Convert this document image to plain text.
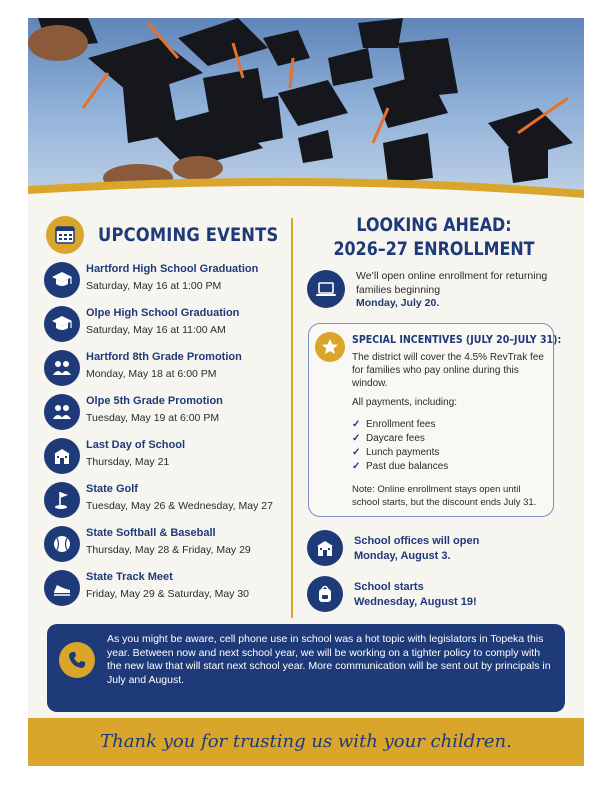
UPCOMING EVENTS
Hartford High School Graduation
Saturday, May 16 at 1:00 PM
Olpe High School Graduation
Saturday, May 16 at 11:00 AM
Hartford 8th Grade Promotion
Monday, May 18 at 6:00 PM
Olpe 5th Grade Promotion
Tuesday, May 19 at 6:00 PM
Last Day of School
Thursday, May 21
State Golf
Tuesday, May 26 & Wednesday, May 27
State Softball & Baseball
Thursday, May 28 & Friday, May 29
State Track Meet
Friday, May 29 & Saturday, May 30
LOOKING AHEAD:
2026–27 ENROLLMENT
We’ll open online enrollment for returning families beginning
Monday, July 20.
SPECIAL INCENTIVES (JULY 20–JULY 31):
The district will cover the 4.5% RevTrak fee for families who pay online during this window.
All payments, including:
✓ Enrollment fees
✓ Daycare fees
✓ Lunch payments
✓ Past due balances
Note: Online enrollment stays open until school starts, but the discount ends July 31.
School offices will open
Monday, August 3.
School starts
Wednesday, August 19!
As you might be aware, cell phone use in school was a hot topic with legislators in Topeka this year. Between now and next school year, we will be working on a tighter policy to comply with the new law that will start next school year. More communication will be sent out by principals in July and August.
Thank you for trusting us with your children.
